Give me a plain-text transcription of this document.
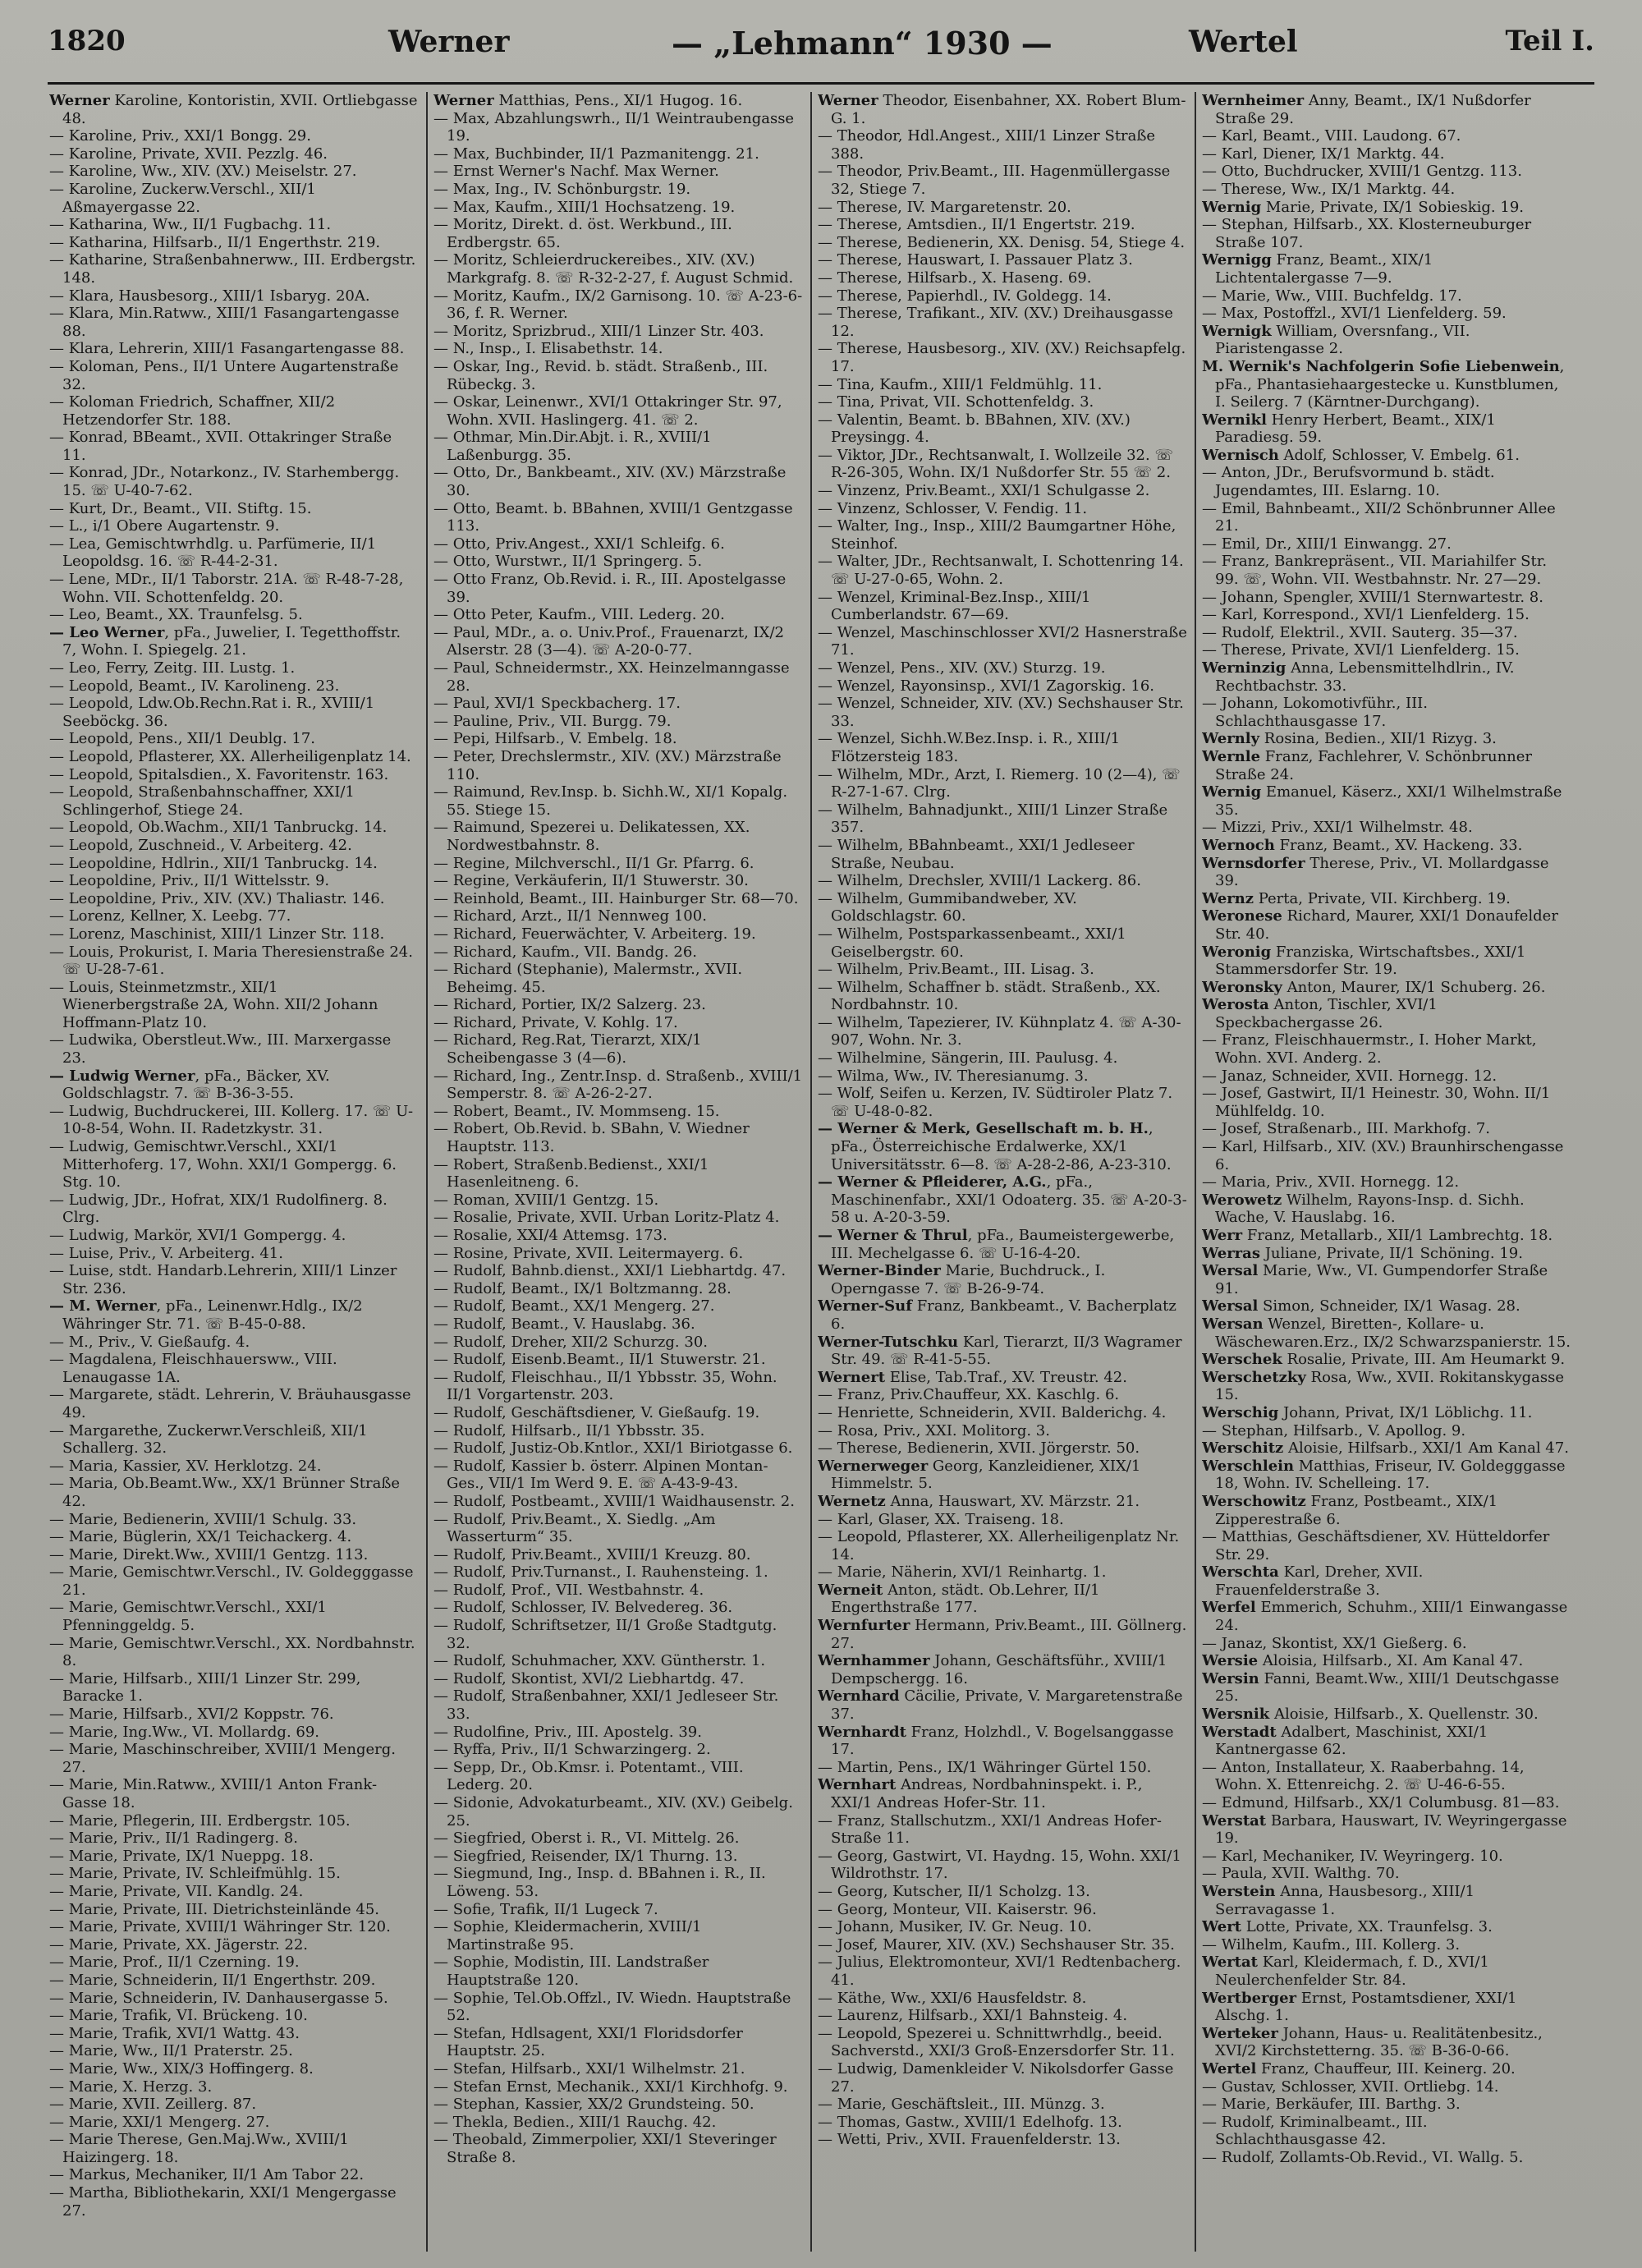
1820	Werner	— „Lehmann“ 1930 —	Wertel	Teil I.

Werner Karoline, Kontoristin, XVII. Ortliebgasse 48.

— Karoline, Priv., XXI/1 Bongg. 29.

— Karoline, Private, XVII. Pezzlg. 46.

— Karoline, Ww., XIV. (XV.) Meiselstr. 27.

— Karoline, Zuckerw.Verschl., XII/1 Aßmayergasse 22.

— Katharina, Ww., II/1 Fugbachg. 11.

— Katharina, Hilfsarb., II/1 Engerthstr. 219.

— Katharine, Straßenbahnerww., III. Erdbergstr. 148.

— Klara, Hausbesorg., XIII/1 Isbaryg. 20A.

— Klara, Min.Ratww., XIII/1 Fasangartengasse 88.

— Klara, Lehrerin, XIII/1 Fasangartengasse 88.

— Koloman, Pens., II/1 Untere Augartenstraße 32.

— Koloman Friedrich, Schaffner, XII/2 Hetzendorfer Str. 188.

— Konrad, BBeamt., XVII. Ottakringer Straße 11.

— Konrad, JDr., Notarkonz., IV. Starhembergg. 15. ☏ U-40-7-62.

— Kurt, Dr., Beamt., VII. Stiftg. 15.

— L., i/1 Obere Augartenstr. 9.

— Lea, Gemischtwrhdlg. u. Parfümerie, II/1 Leopoldsg. 16. ☏ R-44-2-31.

— Lene, MDr., II/1 Taborstr. 21A. ☏ R-48-7-28, Wohn. VII. Schottenfeldg. 20.

— Leo, Beamt., XX. Traunfelsg. 5.

— Leo Werner, pFa., Juwelier, I. Tegetthoffstr. 7, Wohn. I. Spiegelg. 21.

— Leo, Ferry, Zeitg. III. Lustg. 1.

— Leopold, Beamt., IV. Karolineng. 23.

— Leopold, Ldw.Ob.Rechn.Rat i. R., XVIII/1 Seeböckg. 36.

— Leopold, Pens., XII/1 Deublg. 17.

— Leopold, Pflasterer, XX. Allerheiligenplatz 14.

— Leopold, Spitalsdien., X. Favoritenstr. 163.

— Leopold, Straßenbahnschaffner, XXI/1 Schlingerhof, Stiege 24.

— Leopold, Ob.Wachm., XII/1 Tanbruckg. 14.

— Leopold, Zuschneid., V. Arbeiterg. 42.

— Leopoldine, Hdlrin., XII/1 Tanbruckg. 14.

— Leopoldine, Priv., II/1 Wittelsstr. 9.

— Leopoldine, Priv., XIV. (XV.) Thaliastr. 146.

— Lorenz, Kellner, X. Leebg. 77.

— Lorenz, Maschinist, XIII/1 Linzer Str. 118.

— Louis, Prokurist, I. Maria Theresienstraße 24. ☏ U-28-7-61.

— Louis, Steinmetzmstr., XII/1 Wienerbergstraße 2A, Wohn. XII/2 Johann Hoffmann-Platz 10.

— Ludwika, Oberstleut.Ww., III. Marxergasse 23.

— Ludwig Werner, pFa., Bäcker, XV. Goldschlagstr. 7. ☏ B-36-3-55.

— Ludwig, Buchdruckerei, III. Kollerg. 17. ☏ U-10-8-54, Wohn. II. Radetzkystr. 31.

— Ludwig, Gemischtwr.Verschl., XXI/1 Mitterhoferg. 17, Wohn. XXI/1 Gompergg. 6. Stg. 10.

— Ludwig, JDr., Hofrat, XIX/1 Rudolfinerg. 8. Clrg.

— Ludwig, Markör, XVI/1 Gompergg. 4.

— Luise, Priv., V. Arbeiterg. 41.

— Luise, stdt. Handarb.Lehrerin, XIII/1 Linzer Str. 236.

— M. Werner, pFa., Leinenwr.Hdlg., IX/2 Währinger Str. 71. ☏ B-45-0-88.

— M., Priv., V. Gießaufg. 4.

— Magdalena, Fleischhauersww., VIII. Lenaugasse 1A.

— Margarete, städt. Lehrerin, V. Bräuhausgasse 49.

— Margarethe, Zuckerwr.Verschleiß, XII/1 Schallerg. 32.

— Maria, Kassier, XV. Herklotzg. 24.

— Maria, Ob.Beamt.Ww., XX/1 Brünner Straße 42.

— Marie, Bedienerin, XVIII/1 Schulg. 33.

— Marie, Büglerin, XX/1 Teichackerg. 4.

— Marie, Direkt.Ww., XVIII/1 Gentzg. 113.

— Marie, Gemischtwr.Verschl., IV. Goldegggasse 21.

— Marie, Gemischtwr.Verschl., XXI/1 Pfenninggeldg. 5.

— Marie, Gemischtwr.Verschl., XX. Nordbahnstr. 8.

— Marie, Hilfsarb., XIII/1 Linzer Str. 299, Baracke 1.

— Marie, Hilfsarb., XVI/2 Koppstr. 76.

— Marie, Ing.Ww., VI. Mollardg. 69.

— Marie, Maschinschreiber, XVIII/1 Mengerg. 27.

— Marie, Min.Ratww., XVIII/1 Anton Frank-Gasse 18.

— Marie, Pflegerin, III. Erdbergstr. 105.

— Marie, Priv., II/1 Radingerg. 8.

— Marie, Private, IX/1 Nueppg. 18.

— Marie, Private, IV. Schleifmühlg. 15.

— Marie, Private, VII. Kandlg. 24.

— Marie, Private, III. Dietrichsteinlände 45.

— Marie, Private, XVIII/1 Währinger Str. 120.

— Marie, Private, XX. Jägerstr. 22.

— Marie, Prof., II/1 Czerning. 19.

— Marie, Schneiderin, II/1 Engerthstr. 209.

— Marie, Schneiderin, IV. Danhausergasse 5.

— Marie, Trafik, VI. Brückeng. 10.

— Marie, Trafik, XVI/1 Wattg. 43.

— Marie, Ww., II/1 Praterstr. 25.

— Marie, Ww., XIX/3 Hoffingerg. 8.

— Marie, X. Herzg. 3.

— Marie, XVII. Zeillerg. 87.

— Marie, XXI/1 Mengerg. 27.

— Marie Therese, Gen.Maj.Ww., XVIII/1 Haizingerg. 18.

— Markus, Mechaniker, II/1 Am Tabor 22.

— Martha, Bibliothekarin, XXI/1 Mengergasse 27.

Werner Matthias, Pens., XI/1 Hugog. 16.

— Max, Abzahlungswrh., II/1 Weintraubengasse 19.

— Max, Buchbinder, II/1 Pazmanitengg. 21.

— Ernst Werner's Nachf. Max Werner.

— Max, Ing., IV. Schönburgstr. 19.

— Max, Kaufm., XIII/1 Hochsatzeng. 19.

— Moritz, Direkt. d. öst. Werkbund., III. Erdbergstr. 65.

— Moritz, Schleierdruckereibes., XIV. (XV.) Markgrafg. 8. ☏ R-32-2-27, f. August Schmid.

— Moritz, Kaufm., IX/2 Garnisong. 10. ☏ A-23-6-36, f. R. Werner.

— Moritz, Sprizbrud., XIII/1 Linzer Str. 403.

— N., Insp., I. Elisabethstr. 14.

— Oskar, Ing., Revid. b. städt. Straßenb., III. Rübeckg. 3.

— Oskar, Leinenwr., XVI/1 Ottakringer Str. 97, Wohn. XVII. Haslingerg. 41. ☏ 2.

— Othmar, Min.Dir.Abjt. i. R., XVIII/1 Laßenburgg. 35.

— Otto, Dr., Bankbeamt., XIV. (XV.) Märzstraße 30.

— Otto, Beamt. b. BBahnen, XVIII/1 Gentzgasse 113.

— Otto, Priv.Angest., XXI/1 Schleifg. 6.

— Otto, Wurstwr., II/1 Springerg. 5.

— Otto Franz, Ob.Revid. i. R., III. Apostelgasse 39.

— Otto Peter, Kaufm., VIII. Lederg. 20.

— Paul, MDr., a. o. Univ.Prof., Frauenarzt, IX/2 Alserstr. 28 (3—4). ☏ A-20-0-77.

— Paul, Schneidermstr., XX. Heinzelmanngasse 28.

— Paul, XVI/1 Speckbacherg. 17.

— Pauline, Priv., VII. Burgg. 79.

— Pepi, Hilfsarb., V. Embelg. 18.

— Peter, Drechslermstr., XIV. (XV.) Märzstraße 110.

— Raimund, Rev.Insp. b. Sichh.W., XI/1 Kopalg. 55. Stiege 15.

— Raimund, Spezerei u. Delikatessen, XX. Nordwestbahnstr. 8.

— Regine, Milchverschl., II/1 Gr. Pfarrg. 6.

— Regine, Verkäuferin, II/1 Stuwerstr. 30.

— Reinhold, Beamt., III. Hainburger Str. 68—70.

— Richard, Arzt., II/1 Nennweg 100.

— Richard, Feuerwächter, V. Arbeiterg. 19.

— Richard, Kaufm., VII. Bandg. 26.

— Richard (Stephanie), Malermstr., XVII. Beheimg. 45.

— Richard, Portier, IX/2 Salzerg. 23.

— Richard, Private, V. Kohlg. 17.

— Richard, Reg.Rat, Tierarzt, XIX/1 Scheibengasse 3 (4—6).

— Richard, Ing., Zentr.Insp. d. Straßenb., XVIII/1 Semperstr. 8. ☏ A-26-2-27.

— Robert, Beamt., IV. Mommseng. 15.

— Robert, Ob.Revid. b. SBahn, V. Wiedner Hauptstr. 113.

— Robert, Straßenb.Bedienst., XXI/1 Hasenleitneng. 6.

— Roman, XVIII/1 Gentzg. 15.

— Rosalie, Private, XVII. Urban Loritz-Platz 4.

— Rosalie, XXI/4 Attemsg. 173.

— Rosine, Private, XVII. Leitermayerg. 6.

— Rudolf, Bahnb.dienst., XXI/1 Liebhartdg. 47.

— Rudolf, Beamt., IX/1 Boltzmanng. 28.

— Rudolf, Beamt., XX/1 Mengerg. 27.

— Rudolf, Beamt., V. Hauslabg. 36.

— Rudolf, Dreher, XII/2 Schurzg. 30.

— Rudolf, Eisenb.Beamt., II/1 Stuwerstr. 21.

— Rudolf, Fleischhau., II/1 Ybbsstr. 35, Wohn. II/1 Vorgartenstr. 203.

— Rudolf, Geschäftsdiener, V. Gießaufg. 19.

— Rudolf, Hilfsarb., II/1 Ybbsstr. 35.

— Rudolf, Justiz-Ob.Kntlor., XXI/1 Biriotgasse 6.

— Rudolf, Kassier b. österr. Alpinen Montan-Ges., VII/1 Im Werd 9. E. ☏ A-43-9-43.

— Rudolf, Postbeamt., XVIII/1 Waidhausenstr. 2.

— Rudolf, Priv.Beamt., X. Siedlg. „Am Wasserturm“ 35.

— Rudolf, Priv.Beamt., XVIII/1 Kreuzg. 80.

— Rudolf, Priv.Turnanst., I. Rauhensteing. 1.

— Rudolf, Prof., VII. Westbahnstr. 4.

— Rudolf, Schlosser, IV. Belvedereg. 36.

— Rudolf, Schriftsetzer, II/1 Große Stadtgutg. 32.

— Rudolf, Schuhmacher, XXV. Güntherstr. 1.

— Rudolf, Skontist, XVI/2 Liebhartdg. 47.

— Rudolf, Straßenbahner, XXI/1 Jedleseer Str. 33.

— Rudolfine, Priv., III. Apostelg. 39.

— Ryffa, Priv., II/1 Schwarzingerg. 2.

— Sepp, Dr., Ob.Kmsr. i. Potentamt., VIII. Lederg. 20.

— Sidonie, Advokaturbeamt., XIV. (XV.) Geibelg. 25.

— Siegfried, Oberst i. R., VI. Mittelg. 26.

— Siegfried, Reisender, IX/1 Thurng. 13.

— Siegmund, Ing., Insp. d. BBahnen i. R., II. Löweng. 53.

— Sofie, Trafik, II/1 Lugeck 7.

— Sophie, Kleidermacherin, XVIII/1 Martinstraße 95.

— Sophie, Modistin, III. Landstraßer Hauptstraße 120.

— Sophie, Tel.Ob.Offzl., IV. Wiedn. Hauptstraße 52.

— Stefan, Hdlsagent, XXI/1 Floridsdorfer Hauptstr. 25.

— Stefan, Hilfsarb., XXI/1 Wilhelmstr. 21.

— Stefan Ernst, Mechanik., XXI/1 Kirchhofg. 9.

— Stephan, Kassier, XX/2 Grundsteing. 50.

— Thekla, Bedien., XIII/1 Rauchg. 42.

— Theobald, Zimmerpolier, XXI/1 Steveringer Straße 8.

Werner Theodor, Eisenbahner, XX. Robert Blum-G. 1.

— Theodor, Hdl.Angest., XIII/1 Linzer Straße 388.

— Theodor, Priv.Beamt., III. Hagenmüllergasse 32, Stiege 7.

— Therese, IV. Margaretenstr. 20.

— Therese, Amtsdien., II/1 Engertstr. 219.

— Therese, Bedienerin, XX. Denisg. 54, Stiege 4.

— Therese, Hauswart, I. Passauer Platz 3.

— Therese, Hilfsarb., X. Haseng. 69.

— Therese, Papierhdl., IV. Goldegg. 14.

— Therese, Trafikant., XIV. (XV.) Dreihausgasse 12.

— Therese, Hausbesorg., XIV. (XV.) Reichsapfelg. 17.

— Tina, Kaufm., XIII/1 Feldmühlg. 11.

— Tina, Privat, VII. Schottenfeldg. 3.

— Valentin, Beamt. b. BBahnen, XIV. (XV.) Preysingg. 4.

— Viktor, JDr., Rechtsanwalt, I. Wollzeile 32. ☏ R-26-305, Wohn. IX/1 Nußdorfer Str. 55 ☏ 2.

— Vinzenz, Priv.Beamt., XXI/1 Schulgasse 2.

— Vinzenz, Schlosser, V. Fendig. 11.

— Walter, Ing., Insp., XIII/2 Baumgartner Höhe, Steinhof.

— Walter, JDr., Rechtsanwalt, I. Schottenring 14. ☏ U-27-0-65, Wohn. 2.

— Wenzel, Kriminal-Bez.Insp., XIII/1 Cumberlandstr. 67—69.

— Wenzel, Maschinschlosser XVI/2 Hasnerstraße 71.

— Wenzel, Pens., XIV. (XV.) Sturzg. 19.

— Wenzel, Rayonsinsp., XVI/1 Zagorskig. 16.

— Wenzel, Schneider, XIV. (XV.) Sechshauser Str. 33.

— Wenzel, Sichh.W.Bez.Insp. i. R., XIII/1 Flötzersteig 183.

— Wilhelm, MDr., Arzt, I. Riemerg. 10 (2—4), ☏ R-27-1-67. Clrg.

— Wilhelm, Bahnadjunkt., XIII/1 Linzer Straße 357.

— Wilhelm, BBahnbeamt., XXI/1 Jedleseer Straße, Neubau.

— Wilhelm, Drechsler, XVIII/1 Lackerg. 86.

— Wilhelm, Gummibandweber, XV. Goldschlagstr. 60.

— Wilhelm, Postsparkassenbeamt., XXI/1 Geiselbergstr. 60.

— Wilhelm, Priv.Beamt., III. Lisag. 3.

— Wilhelm, Schaffner b. städt. Straßenb., XX. Nordbahnstr. 10.

— Wilhelm, Tapezierer, IV. Kühnplatz 4. ☏ A-30-907, Wohn. Nr. 3.

— Wilhelmine, Sängerin, III. Paulusg. 4.

— Wilma, Ww., IV. Theresianumg. 3.

— Wolf, Seifen u. Kerzen, IV. Südtiroler Platz 7. ☏ U-48-0-82.

— Werner & Merk, Gesellschaft m. b. H., pFa., Österreichische Erdalwerke, XX/1 Universitätsstr. 6—8. ☏ A-28-2-86, A-23-310.

— Werner & Pfleiderer, A.G., pFa., Maschinenfabr., XXI/1 Odoaterg. 35. ☏ A-20-3-58 u. A-20-3-59.

— Werner & Thrul, pFa., Baumeistergewerbe, III. Mechelgasse 6. ☏ U-16-4-20.

Werner-Binder Marie, Buchdruck., I. Operngasse 7. ☏ B-26-9-74.

Werner-Suf Franz, Bankbeamt., V. Bacherplatz 6.

Werner-Tutschku Karl, Tierarzt, II/3 Wagramer Str. 49. ☏ R-41-5-55.

Wernert Elise, Tab.Traf., XV. Treustr. 42.

— Franz, Priv.Chauffeur, XX. Kaschlg. 6.

— Henriette, Schneiderin, XVII. Balderichg. 4.

— Rosa, Priv., XXI. Molitorg. 3.

— Therese, Bedienerin, XVII. Jörgerstr. 50.

Wernerweger Georg, Kanzleidiener, XIX/1 Himmelstr. 5.

Wernetz Anna, Hauswart, XV. Märzstr. 21.

— Karl, Glaser, XX. Traiseng. 18.

— Leopold, Pflasterer, XX. Allerheiligenplatz Nr. 14.

— Marie, Näherin, XVI/1 Reinhartg. 1.

Werneit Anton, städt. Ob.Lehrer, II/1 Engerthstraße 177.

Wernfurter Hermann, Priv.Beamt., III. Göllnerg. 27.

Wernhammer Johann, Geschäftsführ., XVIII/1 Dempschergg. 16.

Wernhard Cäcilie, Private, V. Margaretenstraße 37.

Wernhardt Franz, Holzhdl., V. Bogelsanggasse 17.

— Martin, Pens., IX/1 Währinger Gürtel 150.

Wernhart Andreas, Nordbahninspekt. i. P., XXI/1 Andreas Hofer-Str. 11.

— Franz, Stallschutzm., XXI/1 Andreas Hofer-Straße 11.

— Georg, Gastwirt, VI. Haydng. 15, Wohn. XXI/1 Wildrothstr. 17.

— Georg, Kutscher, II/1 Scholzg. 13.

— Georg, Monteur, VII. Kaiserstr. 96.

— Johann, Musiker, IV. Gr. Neug. 10.

— Josef, Maurer, XIV. (XV.) Sechshauser Str. 35.

— Julius, Elektromonteur, XVI/1 Redtenbacherg. 41.

— Käthe, Ww., XXI/6 Hausfeldstr. 8.

— Laurenz, Hilfsarb., XXI/1 Bahnsteig. 4.

— Leopold, Spezerei u. Schnittwrhdlg., beeid. Sachverstd., XXI/3 Groß-Enzersdorfer Str. 11.

— Ludwig, Damenkleider V. Nikolsdorfer Gasse 27.

— Marie, Geschäftsleit., III. Münzg. 3.

— Thomas, Gastw., XVIII/1 Edelhofg. 13.

— Wetti, Priv., XVII. Frauenfelderstr. 13.

Wernheimer Anny, Beamt., IX/1 Nußdorfer Straße 29.

— Karl, Beamt., VIII. Laudong. 67.

— Karl, Diener, IX/1 Marktg. 44.

— Otto, Buchdrucker, XVIII/1 Gentzg. 113.

— Therese, Ww., IX/1 Marktg. 44.

Wernig Marie, Private, IX/1 Sobieskig. 19.

— Stephan, Hilfsarb., XX. Klosterneuburger Straße 107.

Wernigg Franz, Beamt., XIX/1 Lichtentalergasse 7—9.

— Marie, Ww., VIII. Buchfeldg. 17.

— Max, Postoffzl., XVI/1 Lienfelderg. 59.

Wernigk William, Oversnfang., VII. Piaristengasse 2.

M. Wernik's Nachfolgerin Sofie Liebenwein, pFa., Phantasiehaargestecke u. Kunstblumen, I. Seilerg. 7 (Kärntner-Durchgang).

Wernikl Henry Herbert, Beamt., XIX/1 Paradiesg. 59.

Wernisch Adolf, Schlosser, V. Embelg. 61.

— Anton, JDr., Berufsvormund b. städt. Jugendamtes, III. Eslarng. 10.

— Emil, Bahnbeamt., XII/2 Schönbrunner Allee 21.

— Emil, Dr., XIII/1 Einwangg. 27.

— Franz, Bankrepräsent., VII. Mariahilfer Str. 99. ☏, Wohn. VII. Westbahnstr. Nr. 27—29.

— Johann, Spengler, XVIII/1 Sternwartestr. 8.

— Karl, Korrespond., XVI/1 Lienfelderg. 15.

— Rudolf, Elektril., XVII. Sauterg. 35—37.

— Therese, Private, XVI/1 Lienfelderg. 15.

Werninzig Anna, Lebensmittelhdlrin., IV. Rechtbachstr. 33.

— Johann, Lokomotivführ., III. Schlachthausgasse 17.

Wernly Rosina, Bedien., XII/1 Rizyg. 3.

Wernle Franz, Fachlehrer, V. Schönbrunner Straße 24.

Wernig Emanuel, Käserz., XXI/1 Wilhelmstraße 35.

— Mizzi, Priv., XXI/1 Wilhelmstr. 48.

Wernoch Franz, Beamt., XV. Hackeng. 33.

Wernsdorfer Therese, Priv., VI. Mollardgasse 39.

Wernz Perta, Private, VII. Kirchberg. 19.

Weronese Richard, Maurer, XXI/1 Donaufelder Str. 40.

Weronig Franziska, Wirtschaftsbes., XXI/1 Stammersdorfer Str. 19.

Weronsky Anton, Maurer, IX/1 Schuberg. 26.

Werosta Anton, Tischler, XVI/1 Speckbachergasse 26.

— Franz, Fleischhauermstr., I. Hoher Markt, Wohn. XVI. Anderg. 2.

— Janaz, Schneider, XVII. Hornegg. 12.

— Josef, Gastwirt, II/1 Heinestr. 30, Wohn. II/1 Mühlfeldg. 10.

— Josef, Straßenarb., III. Markhofg. 7.

— Karl, Hilfsarb., XIV. (XV.) Braunhirschengasse 6.

— Maria, Priv., XVII. Hornegg. 12.

Werowetz Wilhelm, Rayons-Insp. d. Sichh. Wache, V. Hauslabg. 16.

Werr Franz, Metallarb., XII/1 Lambrechtg. 18.

Werras Juliane, Private, II/1 Schöning. 19.

Wersal Marie, Ww., VI. Gumpendorfer Straße 91.

Wersal Simon, Schneider, IX/1 Wasag. 28.

Wersan Wenzel, Biretten-, Kollare- u. Wäschewaren.Erz., IX/2 Schwarzspanierstr. 15.

Werschek Rosalie, Private, III. Am Heumarkt 9.

Werschetzky Rosa, Ww., XVII. Rokitanskygasse 15.

Werschig Johann, Privat, IX/1 Löblichg. 11.

— Stephan, Hilfsarb., V. Apollog. 9.

Werschitz Aloisie, Hilfsarb., XXI/1 Am Kanal 47.

Werschlein Matthias, Friseur, IV. Goldegggasse 18, Wohn. IV. Schelleing. 17.

Werschowitz Franz, Postbeamt., XIX/1 Zipperestraße 6.

— Matthias, Geschäftsdiener, XV. Hütteldorfer Str. 29.

Werschta Karl, Dreher, XVII. Frauenfelderstraße 3.

Werfel Emmerich, Schuhm., XIII/1 Einwangasse 24.

— Janaz, Skontist, XX/1 Gießerg. 6.

Wersie Aloisia, Hilfsarb., XI. Am Kanal 47.

Wersin Fanni, Beamt.Ww., XIII/1 Deutschgasse 25.

Wersnik Aloisie, Hilfsarb., X. Quellenstr. 30.

Werstadt Adalbert, Maschinist, XXI/1 Kantnergasse 62.

— Anton, Installateur, X. Raaberbahng. 14, Wohn. X. Ettenreichg. 2. ☏ U-46-6-55.

— Edmund, Hilfsarb., XX/1 Columbusg. 81—83.

Werstat Barbara, Hauswart, IV. Weyringergasse 19.

— Karl, Mechaniker, IV. Weyringerg. 10.

— Paula, XVII. Walthg. 70.

Werstein Anna, Hausbesorg., XIII/1 Serravagasse 1.

Wert Lotte, Private, XX. Traunfelsg. 3.

— Wilhelm, Kaufm., III. Kollerg. 3.

Wertat Karl, Kleidermach, f. D., XVI/1 Neulerchenfelder Str. 84.

Wertberger Ernst, Postamtsdiener, XXI/1 Alschg. 1.

Werteker Johann, Haus- u. Realitätenbesitz., XVI/2 Kirchstetterng. 35. ☏ B-36-0-66.

Wertel Franz, Chauffeur, III. Keinerg. 20.

— Gustav, Schlosser, XVII. Ortliebg. 14.

— Marie, Berkäufer, III. Barthg. 3.

— Rudolf, Kriminalbeamt., III. Schlachthausgasse 42.

— Rudolf, Zollamts-Ob.Revid., VI. Wallg. 5.
